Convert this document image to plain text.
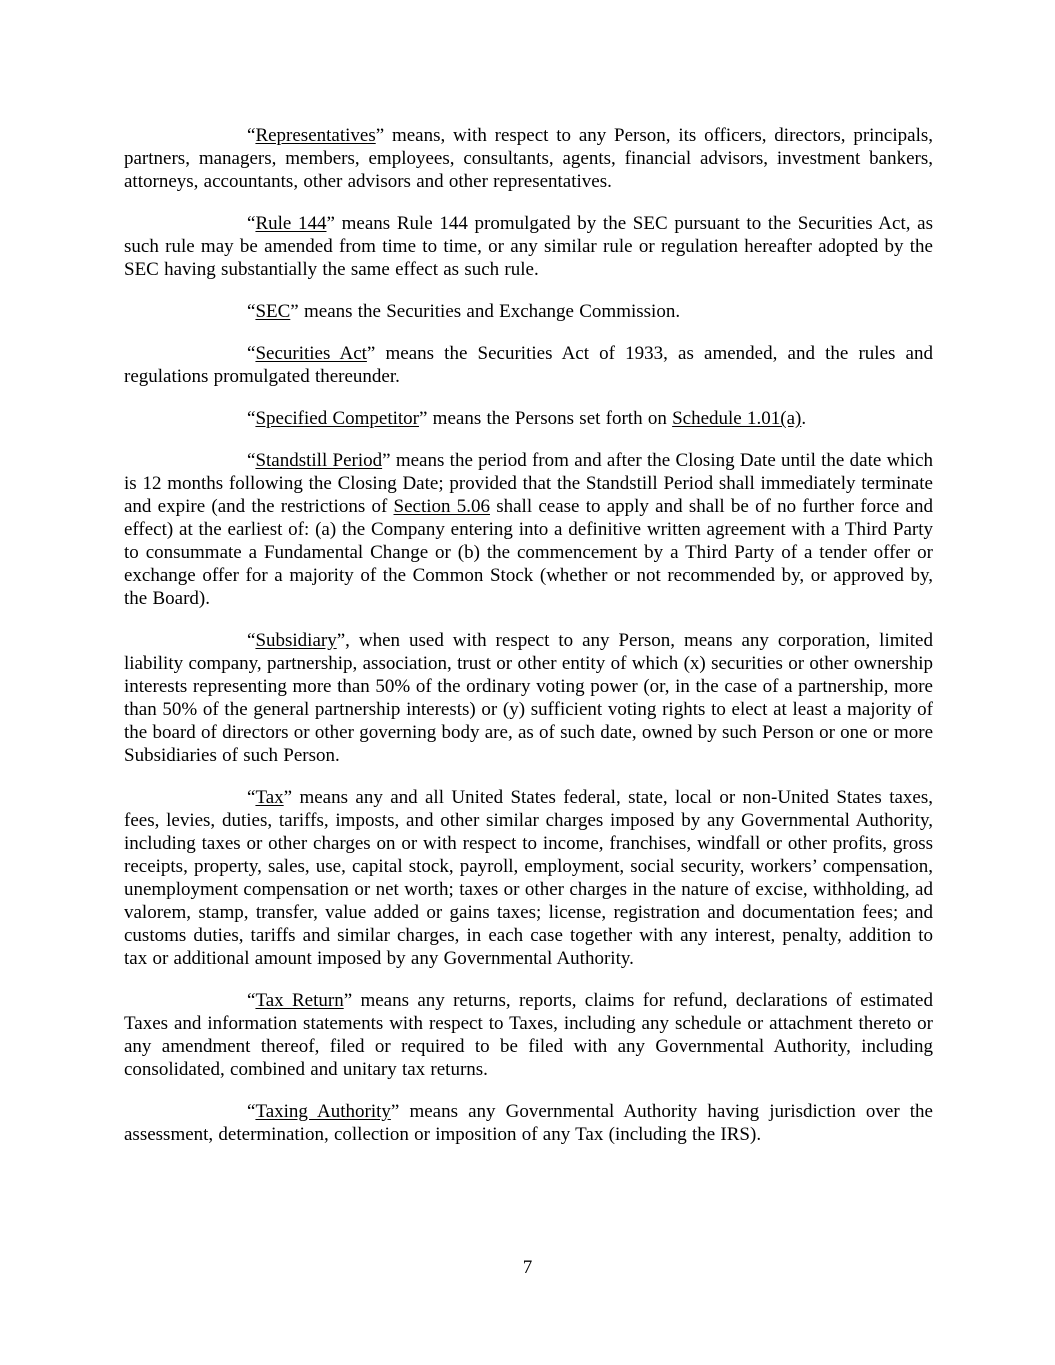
“Representatives” means, with respect to any Person, its officers, directors, principals, partners, managers, members, employees, consultants, agents, financial advisors, investment bankers, attorneys, accountants, other advisors and other representatives.

“Rule 144” means Rule 144 promulgated by the SEC pursuant to the Securities Act, as such rule may be amended from time to time, or any similar rule or regulation hereafter adopted by the SEC having substantially the same effect as such rule.

“SEC” means the Securities and Exchange Commission.

“Securities Act” means the Securities Act of 1933, as amended, and the rules and regulations promulgated thereunder.

“Specified Competitor” means the Persons set forth on Schedule 1.01(a).

“Standstill Period” means the period from and after the Closing Date until the date which is 12 months following the Closing Date; provided that the Standstill Period shall immediately terminate and expire (and the restrictions of Section 5.06 shall cease to apply and shall be of no further force and effect) at the earliest of: (a) the Company entering into a definitive written agreement with a Third Party to consummate a Fundamental Change or (b) the commencement by a Third Party of a tender offer or exchange offer for a majority of the Common Stock (whether or not recommended by, or approved by, the Board).

“Subsidiary”, when used with respect to any Person, means any corporation, limited liability company, partnership, association, trust or other entity of which (x) securities or other ownership interests representing more than 50% of the ordinary voting power (or, in the case of a partnership, more than 50% of the general partnership interests) or (y) sufficient voting rights to elect at least a majority of the board of directors or other governing body are, as of such date, owned by such Person or one or more Subsidiaries of such Person.

“Tax” means any and all United States federal, state, local or non-United States taxes, fees, levies, duties, tariffs, imposts, and other similar charges imposed by any Governmental Authority, including taxes or other charges on or with respect to income, franchises, windfall or other profits, gross receipts, property, sales, use, capital stock, payroll, employment, social security, workers’ compensation, unemployment compensation or net worth; taxes or other charges in the nature of excise, withholding, ad valorem, stamp, transfer, value added or gains taxes; license, registration and documentation fees; and customs duties, tariffs and similar charges, in each case together with any interest, penalty, addition to tax or additional amount imposed by any Governmental Authority.

“Tax Return” means any returns, reports, claims for refund, declarations of estimated Taxes and information statements with respect to Taxes, including any schedule or attachment thereto or any amendment thereof, filed or required to be filed with any Governmental Authority, including consolidated, combined and unitary tax returns.

“Taxing Authority” means any Governmental Authority having jurisdiction over the assessment, determination, collection or imposition of any Tax (including the IRS).

7
